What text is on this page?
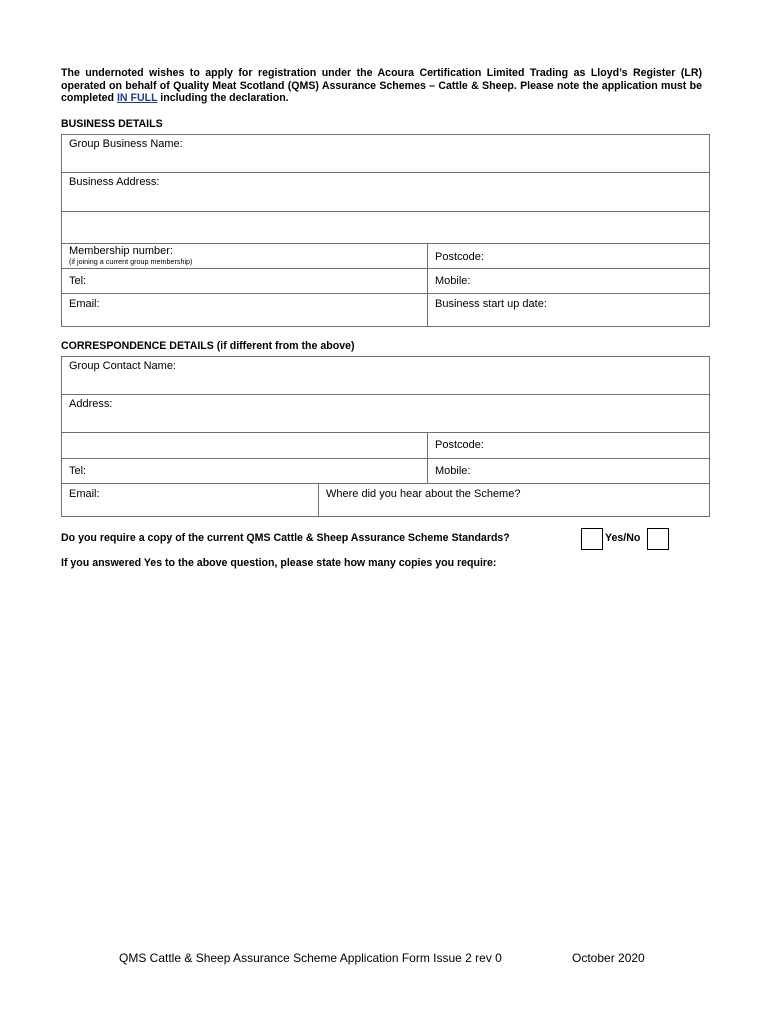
The undernoted wishes to apply for registration under the Acoura Certification Limited Trading as Lloyd’s Register (LR) operated on behalf of Quality Meat Scotland (QMS) Assurance Schemes – Cattle & Sheep. Please note the application must be completed IN FULL including the declaration.
BUSINESS DETAILS
Group Business Name:
Business Address:
Membership number:
(if joining a current group membership)	Postcode:
Tel:	Mobile:
Email:	Business start up date:
CORRESPONDENCE DETAILS (if different from the above)
Group Contact Name:
Address:
Postcode:
Tel:	Mobile:
Email:	Where did you hear about the Scheme?
Do you require a copy of the current QMS Cattle & Sheep Assurance Scheme Standards?	Yes/No
If you answered Yes to the above question, please state how many copies you require:
QMS Cattle & Sheep Assurance Scheme Application Form Issue 2 rev 0	October 2020
